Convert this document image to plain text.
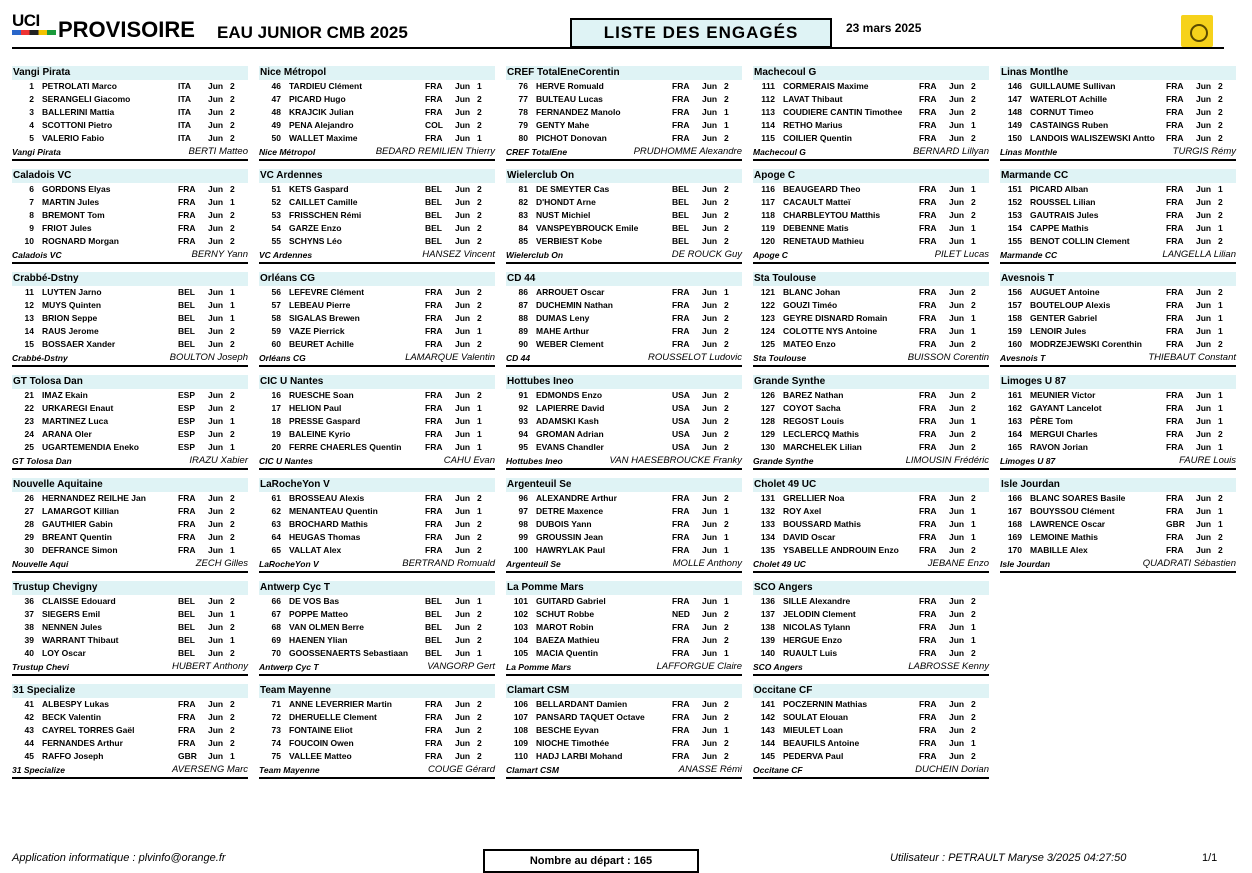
UCI PROVISOIRE EAU JUNIOR CMB 2025	LISTE DES ENGAGÉS	23 mars 2025
Vangi Pirata
1 PETROLATI Marco	ITA Jun 2
2 SERANGELI Giacomo	ITA Jun 2
3 BALLERINI Mattia	ITA Jun 2
4 SCOTTONI Pietro	ITA Jun 2
5 VALERIO Fabio	ITA Jun 2
Vangi Pirata	BERTI Matteo
Nice Métropol
46 TARDIEU Clément	FRA Jun 1
47 PICARD Hugo	FRA Jun 2
48 KRAJCIK Julian	FRA Jun 2
49 PENA Alejandro	COL Jun 2
50 WALLET Maxime	FRA Jun 1
Nice Métropol	BEDARD REMILIEN Thierry
CREF TotalEneCorentin
76 HERVE Romuald	FRA Jun 2
77 BULTEAU Lucas	FRA Jun 2
78 FERNANDEZ Manolo	FRA Jun 1
79 GENTY Mahe	FRA Jun 1
80 PICHOT Donovan	FRA Jun 2
CREF TotalEne	PRUDHOMME Alexandre
Machecoul G
111 CORMERAIS Maxime	FRA Jun 2
112 LAVAT Thibaut	FRA Jun 2
113 COUDIERE CANTIN Timothee	FRA Jun 2
114 RETHO Marius	FRA Jun 1
115 COILIER Quentin	FRA Jun 2
Machecoul G	BERNARD Lillyan
Linas Montlhe
146 GUILLAUME Sullivan	FRA Jun 2
147 WATERLOT Achille	FRA Jun 2
148 CORNUT Timeo	FRA Jun 2
149 CASTAINGS Ruben	FRA Jun 2
150 LANDOIS WALISZEWSKI Antto	FRA Jun 2
Linas Monthle	TURGIS Rémy
Caladois VC
6 GORDONS Elyas	FRA Jun 2
7 MARTIN Jules	FRA Jun 1
8 BREMONT Tom	FRA Jun 2
9 FRIOT Jules	FRA Jun 2
10 ROGNARD Morgan	FRA Jun 2
Caladois VC	BERNY Yann
VC Ardennes
51 KETS Gaspard	BEL Jun 2
52 CAILLET Camille	BEL Jun 2
53 FRISSCHEN Rémi	BEL Jun 2
54 GARZE Enzo	BEL Jun 2
55 SCHYNS Léo	BEL Jun 2
VC Ardennes	HANSEZ Vincent
Wielerclub On
81 DE SMEYTER Cas	BEL Jun 2
82 D'HONDT Arne	BEL Jun 2
83 NUST Michiel	BEL Jun 2
84 VANSPEYBROUCK Emile	BEL Jun 2
85 VERBIEST Kobe	BEL Jun 2
Wielerclub On	DE ROUCK Guy
Apoge C
116 BEAUGEARD Theo	FRA Jun 1
117 CACAULT Matteï	FRA Jun 2
118 CHARBLEYTOU Matthis	FRA Jun 2
119 DEBENNE Matis	FRA Jun 1
120 RENETAUD Mathieu	FRA Jun 1
Apoge C	PILET Lucas
Marmande CC
151 PICARD Alban	FRA Jun 1
152 ROUSSEL Lilian	FRA Jun 2
153 GAUTRAIS Jules	FRA Jun 2
154 CAPPE Mathis	FRA Jun 1
155 BENOT COLLIN Clement	FRA Jun 2
Marmande CC	LANGELLA Lilian
Crabbé-Dstny
11 LUYTEN Jarno	BEL Jun 1
12 MUYS Quinten	BEL Jun 1
13 BRION Seppe	BEL Jun 1
14 RAUS Jerome	BEL Jun 2
15 BOSSAER Xander	BEL Jun 2
Crabbé-Dstny	BOULTON Joseph
Orléans CG
56 LEFEVRE Clément	FRA Jun 2
57 LEBEAU Pierre	FRA Jun 2
58 SIGALAS Brewen	FRA Jun 2
59 VAZE Pierrick	FRA Jun 1
60 BEURET Achille	FRA Jun 2
Orléans CG	LAMARQUE Valentin
CD 44
86 ARROUET Oscar	FRA Jun 1
87 DUCHEMIN Nathan	FRA Jun 2
88 DUMAS Leny	FRA Jun 2
89 MAHE Arthur	FRA Jun 2
90 WEBER Clement	FRA Jun 2
CD 44	ROUSSELOT Ludovic
Sta Toulouse
121 BLANC Johan	FRA Jun 2
122 GOUZI Timéo	FRA Jun 2
123 GEYRE DISNARD Romain	FRA Jun 1
124 COLOTTE NYS Antoine	FRA Jun 1
125 MATEO Enzo	FRA Jun 2
Sta Toulouse	BUISSON Corentin
Avesnois T
156 AUGUET Antoine	FRA Jun 2
157 BOUTELOUP Alexis	FRA Jun 1
158 GENTER Gabriel	FRA Jun 1
159 LENOIR Jules	FRA Jun 1
160 MODRZEJEWSKI Corenthin	FRA Jun 2
Avesnois T	THIEBAUT Constant
GT Tolosa Dan
21 IMAZ Ekain	ESP Jun 2
22 URKAREGI Enaut	ESP Jun 2
23 MARTINEZ Luca	ESP Jun 1
24 ARANA Oler	ESP Jun 2
25 UGARTEMENDIA Eneko	ESP Jun 1
GT Tolosa Dan	IRAZU Xabier
CIC U Nantes
16 RUESCHE Soan	FRA Jun 2
17 HELION Paul	FRA Jun 1
18 PRESSE Gaspard	FRA Jun 1
19 BALEINE Kyrio	FRA Jun 1
20 FERRE CHAERLES Quentin	FRA Jun 1
CIC U Nantes	CAHU Evan
Hottubes Ineo
91 EDMONDS Enzo	USA Jun 2
92 LAPIERRE David	USA Jun 2
93 ADAMSKI Kash	USA Jun 2
94 GROMAN Adrian	USA Jun 2
95 EVANS Chandler	USA Jun 2
Hottubes Ineo	VAN HAESEBROUCKE Franky
Grande Synthe
126 BAREZ Nathan	FRA Jun 2
127 COYOT Sacha	FRA Jun 2
128 REGOST Louis	FRA Jun 1
129 LECLERCQ Mathis	FRA Jun 2
130 MARCHELEK Lilian	FRA Jun 2
Grande Synthe	LIMOUSIN Frédéric
Limoges U 87
161 MEUNIER Victor	FRA Jun 1
162 GAYANT Lancelot	FRA Jun 1
163 PÈRE Tom	FRA Jun 1
164 MERGUI Charles	FRA Jun 2
165 RAVON Jorian	FRA Jun 1
Limoges U 87	FAURE Louis
Nouvelle Aquitaine
26 HERNANDEZ REILHE Jan	FRA Jun 2
27 LAMARGOT Killian	FRA Jun 2
28 GAUTHIER Gabin	FRA Jun 2
29 BREANT Quentin	FRA Jun 2
30 DEFRANCE Simon	FRA Jun 1
Nouvelle Aqui	ZECH Gilles
LaRocheYon V
61 BROSSEAU Alexis	FRA Jun 2
62 MENANTEAU Quentin	FRA Jun 1
63 BROCHARD Mathis	FRA Jun 2
64 HEUGAS Thomas	FRA Jun 2
65 VALLAT Alex	FRA Jun 2
LaRocheYon V	BERTRAND Romuald
Argenteuil Se
96 ALEXANDRE Arthur	FRA Jun 2
97 DETRE Maxence	FRA Jun 1
98 DUBOIS Yann	FRA Jun 2
99 GROUSSIN Jean	FRA Jun 1
100 HAWRYLAK Paul	FRA Jun 1
Argenteuil Se	MOLLE Anthony
Cholet 49 UC
131 GRELLIER Noa	FRA Jun 2
132 ROY Axel	FRA Jun 1
133 BOUSSARD Mathis	FRA Jun 1
134 DAVID Oscar	FRA Jun 1
135 YSABELLE ANDROUIN Enzo	FRA Jun 2
Cholet 49 UC	JEBANE Enzo
Isle Jourdan
166 BLANC SOARES Basile	FRA Jun 2
167 BOUYSSOU Clément	FRA Jun 1
168 LAWRENCE Oscar	GBR Jun 1
169 LEMOINE Mathis	FRA Jun 2
170 MABILLE Alex	FRA Jun 2
Isle Jourdan	QUADRATI Sébastien
Trustup Chevigny
36 CLAISSE Edouard	BEL Jun 2
37 SIEGERS Emil	BEL Jun 1
38 NENNEN Jules	BEL Jun 2
39 WARRANT Thibaut	BEL Jun 1
40 LOY Oscar	BEL Jun 2
Trustup Chevi	HUBERT Anthony
Antwerp Cyc T
66 DE VOS Bas	BEL Jun 1
67 POPPE Matteo	BEL Jun 2
68 VAN OLMEN Berre	BEL Jun 2
69 HAENEN Ylian	BEL Jun 2
70 GOOSSENAERTS Sebastiaan	BEL Jun 1
Antwerp Cyc T	VANGORP Gert
La Pomme Mars
101 GUITARD Gabriel	FRA Jun 1
102 SCHUT Robbe	NED Jun 2
103 MAROT Robin	FRA Jun 2
104 BAEZA Mathieu	FRA Jun 2
105 MACIA Quentin	FRA Jun 1
La Pomme Mars	LAFFORGUE Claire
SCO Angers
136 SILLE Alexandre	FRA Jun 2
137 JELODIN Clement	FRA Jun 2
138 NICOLAS Tylann	FRA Jun 1
139 HERGUE Enzo	FRA Jun 1
140 RUAULT Luis	FRA Jun 2
SCO Angers	LABROSSE Kenny
31 Specialize
41 ALBESPY Lukas	FRA Jun 2
42 BECK Valentin	FRA Jun 2
43 CAYREL TORRES Gaël	FRA Jun 2
44 FERNANDES Arthur	FRA Jun 2
45 RAFFO Joseph	GBR Jun 1
31 Specialize	AVERSENG Marc
Team Mayenne
71 ANNE LEVERRIER Martin	FRA Jun 2
72 DHERUELLE Clement	FRA Jun 2
73 FONTAINE Eliot	FRA Jun 2
74 FOUCOIN Owen	FRA Jun 2
75 VALLEE Matteo	FRA Jun 2
Team Mayenne	COUGE Gérard
Clamart CSM
106 BELLARDANT Damien	FRA Jun 2
107 PANSARD TAQUET Octave	FRA Jun 2
108 BESCHE Eyvan	FRA Jun 1
109 NIOCHE Timothée	FRA Jun 2
110 HADJ LARBI Mohand	FRA Jun 2
Clamart CSM	ANASSE Rémi
Occitane CF
141 POCZERNIN Mathias	FRA Jun 2
142 SOULAT Elouan	FRA Jun 2
143 MIEULET Loan	FRA Jun 2
144 BEAUFILS Antoine	FRA Jun 1
145 PEDERVA Paul	FRA Jun 2
Occitane CF	DUCHEIN Dorian
Application informatique : plvinfo@orange.fr	Nombre au départ : 165	Utilisateur : PETRAULT Maryse 3/2025 04:27:50	1/1
